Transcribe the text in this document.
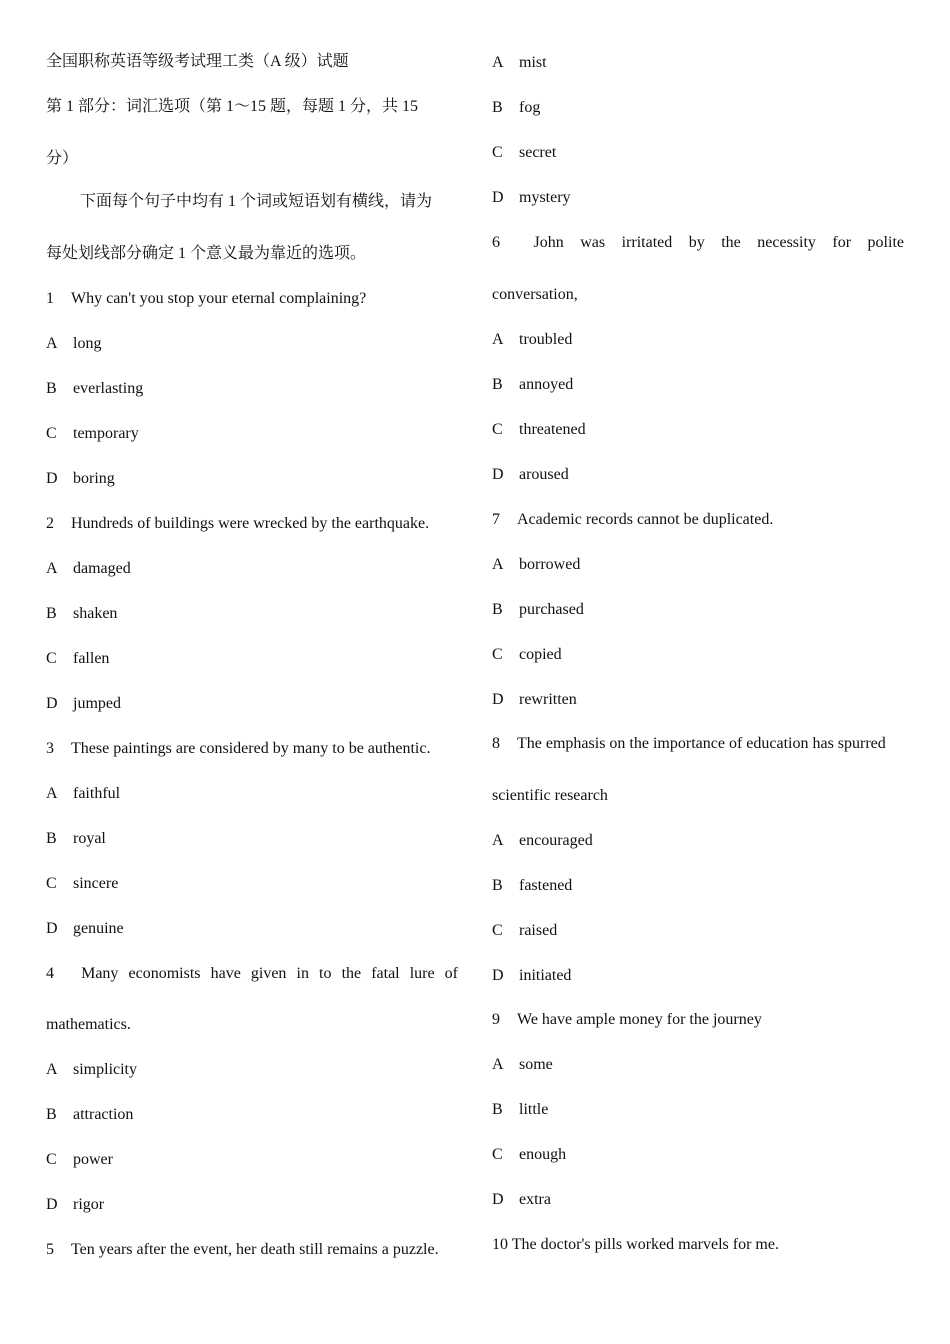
全国职称英语等级考试理工类（A 级）试题
第 1 部分：词汇选项（第 1～15 题，每题 1 分，共 15
分）
下面每个句子中均有 1 个词或短语划有横线，请为
每处划线部分确定 1 个意义最为靠近的选项。
1 Why can't you stop your eternal complaining?
A long
B everlasting
C temporary
D boring
2 Hundreds of buildings were wrecked by the earthquake.
A damaged
B shaken
C fallen
D jumped
3 These paintings are considered by many to be authentic.
A faithful
B royal
C sincere
D genuine
4 Many economists have given in to the fatal lure of
mathematics.
A simplicity
B attraction
C power
D rigor
5 Ten years after the event, her death still remains a puzzle.
A mist
B fog
C secret
D mystery
6 John was irritated by the necessity for polite
conversation,
A troubled
B annoyed
C threatened
D aroused
7 Academic records cannot be duplicated.
A borrowed
B purchased
C copied
D rewritten
8 The emphasis on the importance of education has spurred
scientific research
A encouraged
B fastened
C raised
D initiated
9 We have ample money for the journey
A some
B little
C enough
D extra
10 The doctor's pills worked marvels for me.
